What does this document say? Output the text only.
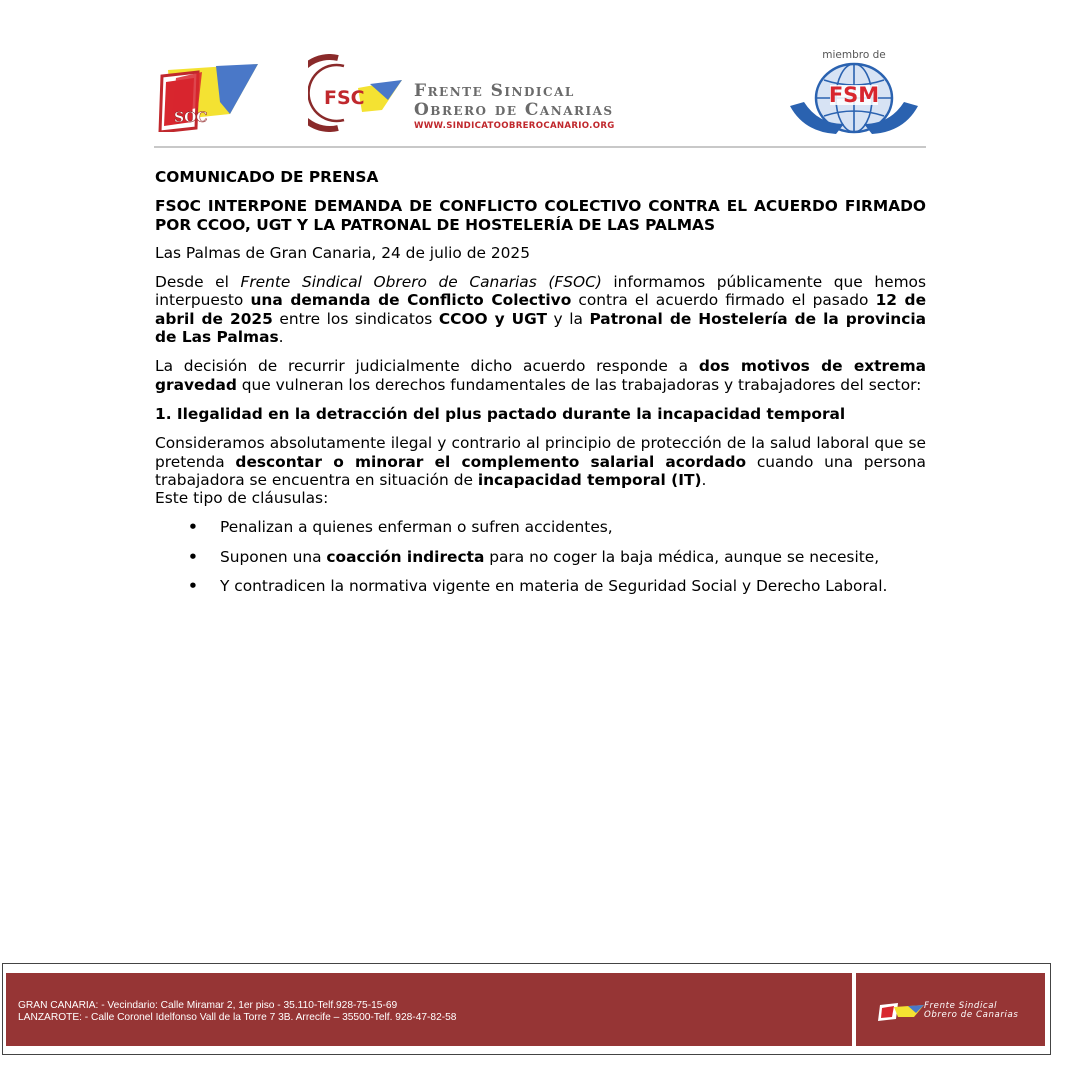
SOC
FSC	Frente Sindical
Obrero de Canarias
WWW.SINDICATOOBREROCANARIO.ORG
miembro de
FSM

COMUNICADO DE PRENSA

FSOC INTERPONE DEMANDA DE CONFLICTO COLECTIVO CONTRA EL ACUERDO FIRMADO POR CCOO, UGT Y LA PATRONAL DE HOSTELERÍA DE LAS PALMAS

Las Palmas de Gran Canaria, 24 de julio de 2025

Desde el Frente Sindical Obrero de Canarias (FSOC) informamos públicamente que hemos interpuesto una demanda de Conflicto Colectivo contra el acuerdo firmado el pasado 12 de abril de 2025 entre los sindicatos CCOO y UGT y la Patronal de Hostelería de la provincia de Las Palmas.

La decisión de recurrir judicialmente dicho acuerdo responde a dos motivos de extrema gravedad que vulneran los derechos fundamentales de las trabajadoras y trabajadores del sector:

1. Ilegalidad en la detracción del plus pactado durante la incapacidad temporal

Consideramos absolutamente ilegal y contrario al principio de protección de la salud laboral que se pretenda descontar o minorar el complemento salarial acordado cuando una persona trabajadora se encuentra en situación de incapacidad temporal (IT).

Este tipo de cláusulas:

• Penalizan a quienes enferman o sufren accidentes,
• Suponen una coacción indirecta para no coger la baja médica, aunque se necesite,
• Y contradicen la normativa vigente en materia de Seguridad Social y Derecho Laboral.
GRAN CANARIA: - Vecindario: Calle Miramar 2, 1er piso - 35.110-Telf.928-75-15-69
LANZAROTE: - Calle Coronel Idelfonso Vall de la Torre 7 3B. Arrecife – 35500-Telf. 928-47-82-58
Frente Sindical
Obrero de Canarias
